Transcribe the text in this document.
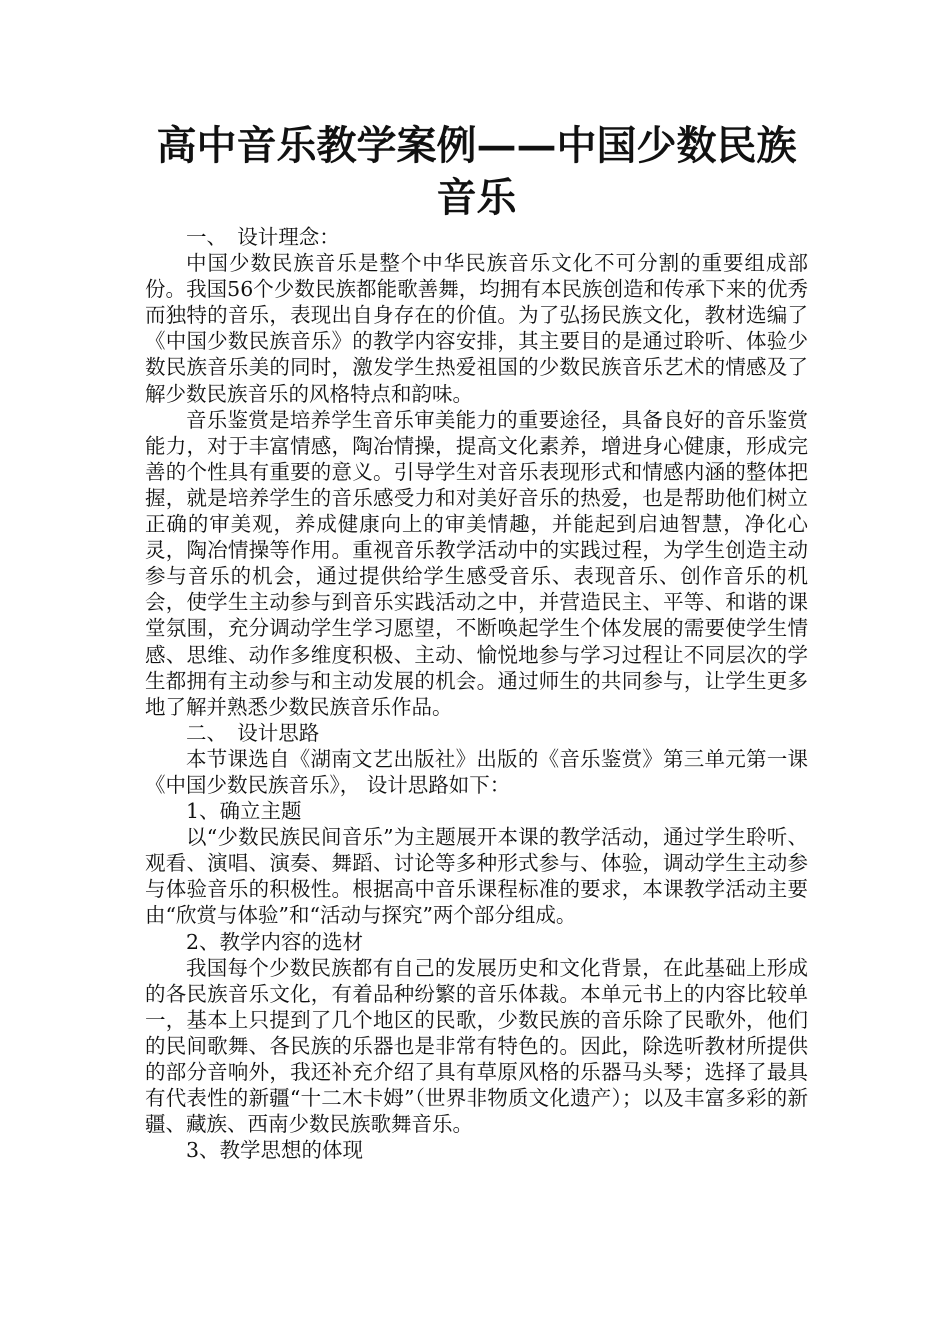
高中音乐教学案例——中国少数民族音乐

一、　设计理念：

中国少数民族音乐是整个中华民族音乐文化不可分割的重要组成部份。我国56个少数民族都能歌善舞，均拥有本民族创造和传承下来的优秀而独特的音乐，表现出自身存在的价值。为了弘扬民族文化，教材选编了《中国少数民族音乐》的教学内容安排，其主要目的是通过聆听、体验少数民族音乐美的同时，激发学生热爱祖国的少数民族音乐艺术的情感及了解少数民族音乐的风格特点和韵味。

音乐鉴赏是培养学生音乐审美能力的重要途径，具备良好的音乐鉴赏能力，对于丰富情感，陶冶情操，提高文化素养，增进身心健康，形成完善的个性具有重要的意义。引导学生对音乐表现形式和情感内涵的整体把握，就是培养学生的音乐感受力和对美好音乐的热爱，也是帮助他们树立正确的审美观，养成健康向上的审美情趣，并能起到启迪智慧，净化心灵，陶冶情操等作用。重视音乐教学活动中的实践过程，为学生创造主动参与音乐的机会，通过提供给学生感受音乐、表现音乐、创作音乐的机会，使学生主动参与到音乐实践活动之中，并营造民主、平等、和谐的课堂氛围，充分调动学生学习愿望，不断唤起学生个体发展的需要使学生情感、思维、动作多维度积极、主动、愉悦地参与学习过程让不同层次的学生都拥有主动参与和主动发展的机会。通过师生的共同参与，让学生更多地了解并熟悉少数民族音乐作品。

二、　设计思路

本节课选自《湖南文艺出版社》出版的《音乐鉴赏》第三单元第一课《中国少数民族音乐》， 设计思路如下：

1、确立主题

以“少数民族民间音乐”为主题展开本课的教学活动，通过学生聆听、观看、演唱、演奏、舞蹈、讨论等多种形式参与、体验，调动学生主动参与体验音乐的积极性。根据高中音乐课程标准的要求，本课教学活动主要由“欣赏与体验”和“活动与探究”两个部分组成。

2、教学内容的选材

我国每个少数民族都有自己的发展历史和文化背景，在此基础上形成的各民族音乐文化，有着品种纷繁的音乐体裁。本单元书上的内容比较单一，基本上只提到了几个地区的民歌，少数民族的音乐除了民歌外，他们的民间歌舞、各民族的乐器也是非常有特色的。因此，除选听教材所提供的部分音响外，我还补充介绍了具有草原风格的乐器马头琴；选择了最具有代表性的新疆“十二木卡姆”（世界非物质文化遗产）；以及丰富多彩的新疆、藏族、西南少数民族歌舞音乐。

3、教学思想的体现
